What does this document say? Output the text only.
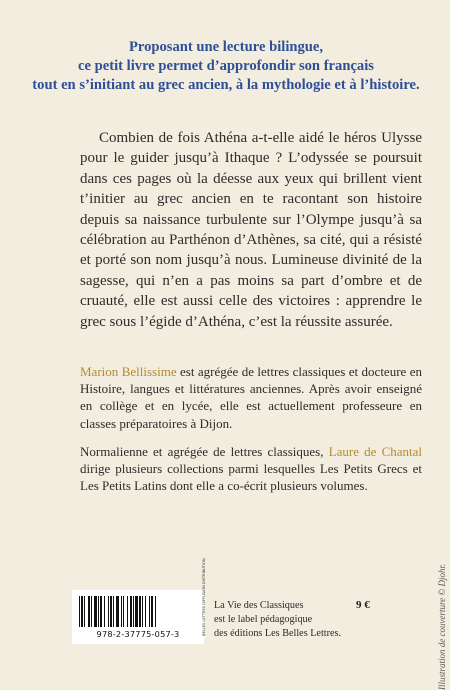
Proposant une lecture bilingue,
ce petit livre permet d’approfondir son français
tout en s’initiant au grec ancien, à la mythologie et à l’histoire.

Combien de fois Athéna a-t-elle aidé le héros Ulysse pour le guider jusqu’à Ithaque ? L’odyssée se poursuit dans ces pages où la déesse aux yeux qui brillent vient t’initier au grec ancien en te racontant son histoire depuis sa naissance turbulente sur l’Olympe jusqu’à sa célébration au Parthénon d’Athènes, sa cité, qui a résisté et porté son nom jusqu’à nous. Lumineuse divinité de la sagesse, qui n’en a pas moins sa part d’ombre et de cruauté, elle est aussi celle des victoires : apprendre le grec sous l’égide d’Athéna, c’est la réussite assurée.

Marion Bellissime est agrégée de lettres classiques et docteure en Histoire, langues et littératures anciennes. Après avoir enseigné en collège et en lycée, elle est actuellement professeure en classes préparatoires à Dijon.

Normalienne et agrégée de lettres classiques, Laure de Chantal dirige plusieurs collections parmi lesquelles Les Petits Grecs et Les Petits Latins dont elle a co-écrit plusieurs volumes.

Illustration de couverture © Djohr.
978-2-37775-057-3	BELLES LETTRES DIFFUSION DISTRIBUTION La Vie des Classiques
est le label pédagogique
des éditions Les Belles Lettres.
9 €
